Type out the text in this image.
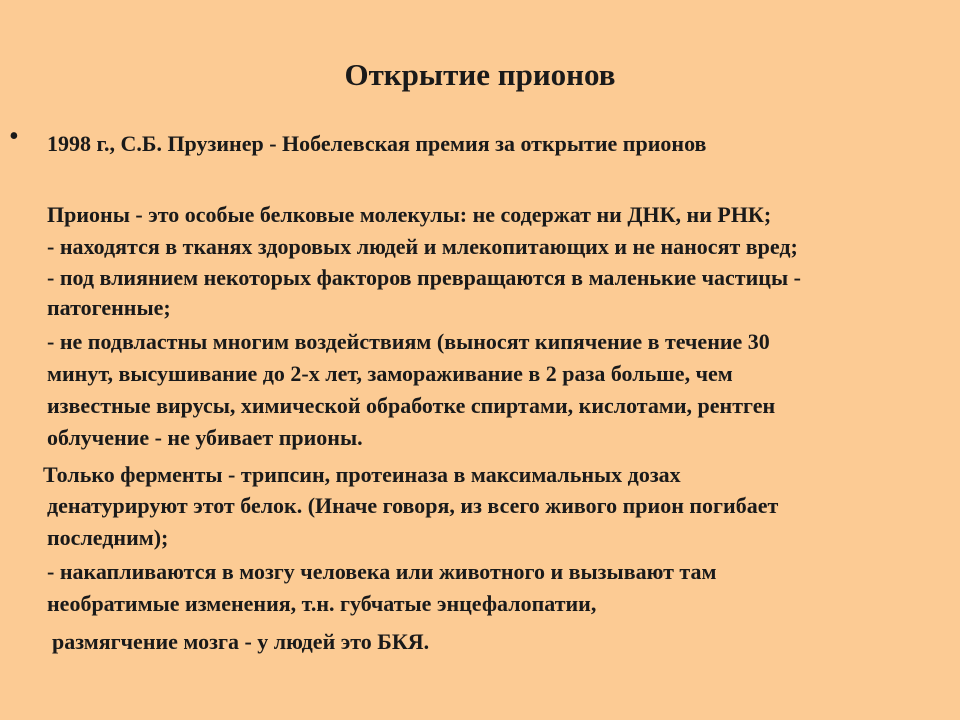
Открытие прионов
• 1998 г., С.Б. Прузинер - Нобелевская премия за открытие прионов
Прионы - это особые белковые молекулы: не содержат ни ДНК, ни РНК;
- находятся в тканях здоровых людей и млекопитающих и не наносят вред;
- под влиянием некоторых факторов превращаются в маленькие частицы -
патогенные;
- не подвластны многим воздействиям (выносят кипячение в течение 30
минут, высушивание до 2-х лет, замораживание в 2 раза больше, чем
известные вирусы, химической обработке спиртами, кислотами, рентген
облучение - не убивает прионы.
Только ферменты - трипсин, протеиназа в максимальных дозах
денатурируют этот белок. (Иначе говоря, из всего живого прион погибает
последним);
- накапливаются в мозгу человека или животного и вызывают там
необратимые изменения, т.н. губчатые энцефалопатии,
размягчение мозга - у людей это БКЯ.
